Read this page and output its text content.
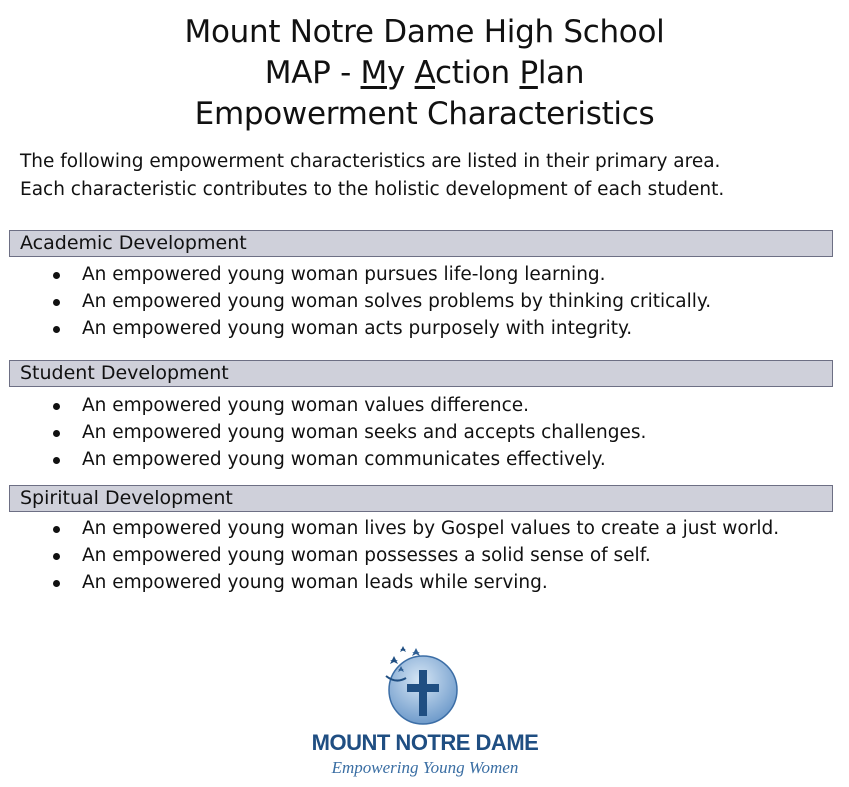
Mount Notre Dame High School
MAP - My Action Plan
Empowerment Characteristics
The following empowerment characteristics are listed in their primary area.
Each characteristic contributes to the holistic development of each student.
Academic Development
An empowered young woman pursues life-long learning.
An empowered young woman solves problems by thinking critically.
An empowered young woman acts purposely with integrity.
Student Development
An empowered young woman values difference.
An empowered young woman seeks and accepts challenges.
An empowered young woman communicates effectively.
Spiritual Development
An empowered young woman lives by Gospel values to create a just world.
An empowered young woman possesses a solid sense of self.
An empowered young woman leads while serving.
MOUNT NOTRE DAME
Empowering Young Women
